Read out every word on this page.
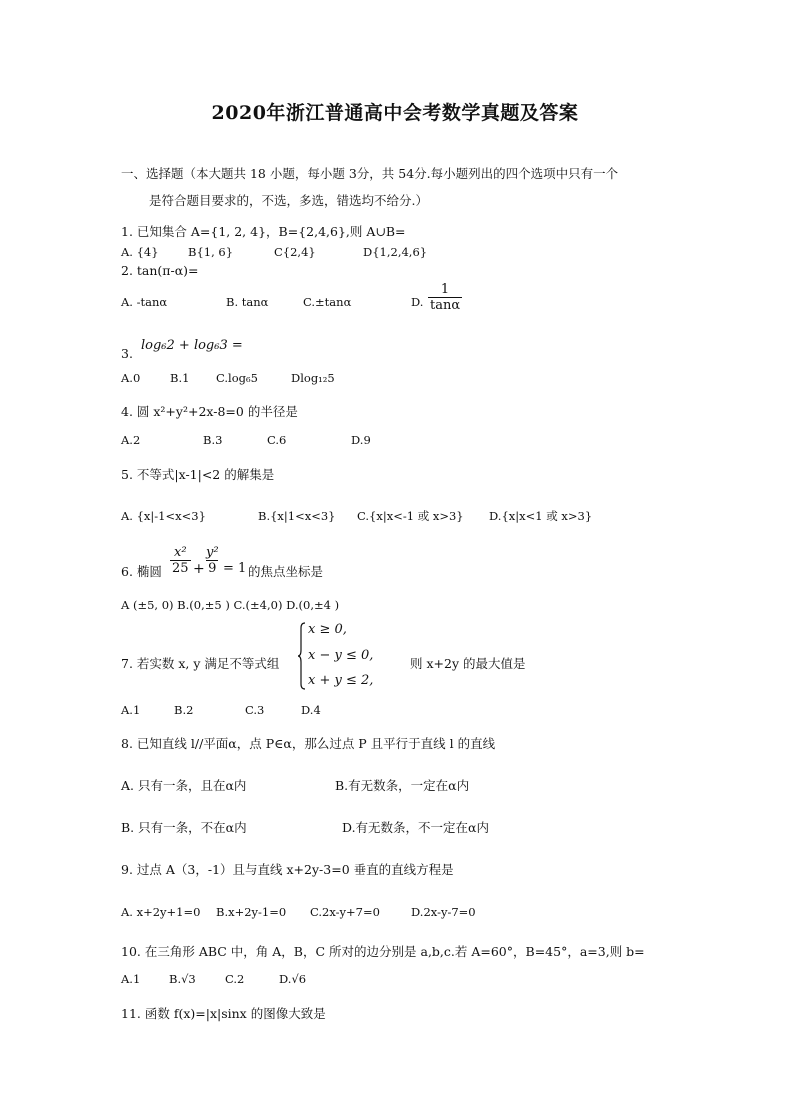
2020年浙江普通高中会考数学真题及答案
一、选择题（本大题共 18 小题，每小题 3分，共 54分.每小题列出的四个选项中只有一个
是符合题目要求的，不选，多选，错选均不给分.）
1. 已知集合 A={1, 2, 4}，B={2,4,6},则 A∪B=
A. {4}	B{1, 6}	C{2,4}	D{1,2,4,6}
2. tan(π-α)=
A. -tanα	B. tanα	C.±tanα	D. $\frac{1}{\tan\alpha}$
3.
log₆2 + log₆3 =
A.0	B.1 C.log₆5	Dlog₁₂5
4. 圆 x²+y²+2x-8=0 的半径是
A.2	B.3	C.6	D.9
5. 不等式|x-1|<2 的解集是
A. {x|-1<x<3}	B.{x|1<x<3} C.{x|x<-1 或 x>3} D.{x|x<1 或 x>3}
6. 椭圆 $\frac{\text{x²}}{25} + \frac{\text{y²}}{9} = 1$ 的焦点坐标是
A (±5, 0) B.(0,±5 ) C.(±4,0) D.(0,±4 )
7. 若实数 x, y 满足不等式组
x ≥ 0,
x − y ≤ 0,
x + y ≤ 2,
则 x+2y 的最大值是
A.1	B.2	C.3	D.4
8. 已知直线 l//平面α，点 P∈α，那么过点 P 且平行于直线 l 的直线
A. 只有一条，且在α内	B.有无数条，一定在α内
B. 只有一条，不在α内	D.有无数条，不一定在α内
9. 过点 A（3，-1）且与直线 x+2y-3=0 垂直的直线方程是
A. x+2y+1=0 B.x+2y-1=0 C.2x-y+7=0	D.2x-y-7=0
10. 在三角形 ABC 中，角 A，B，C 所对的边分别是 a,b,c.若 A=60°，B=45°，a=3,则 b=
A.1 B.√3	C.2	D.√6
11. 函数 f(x)=|x|sinx 的图像大致是
